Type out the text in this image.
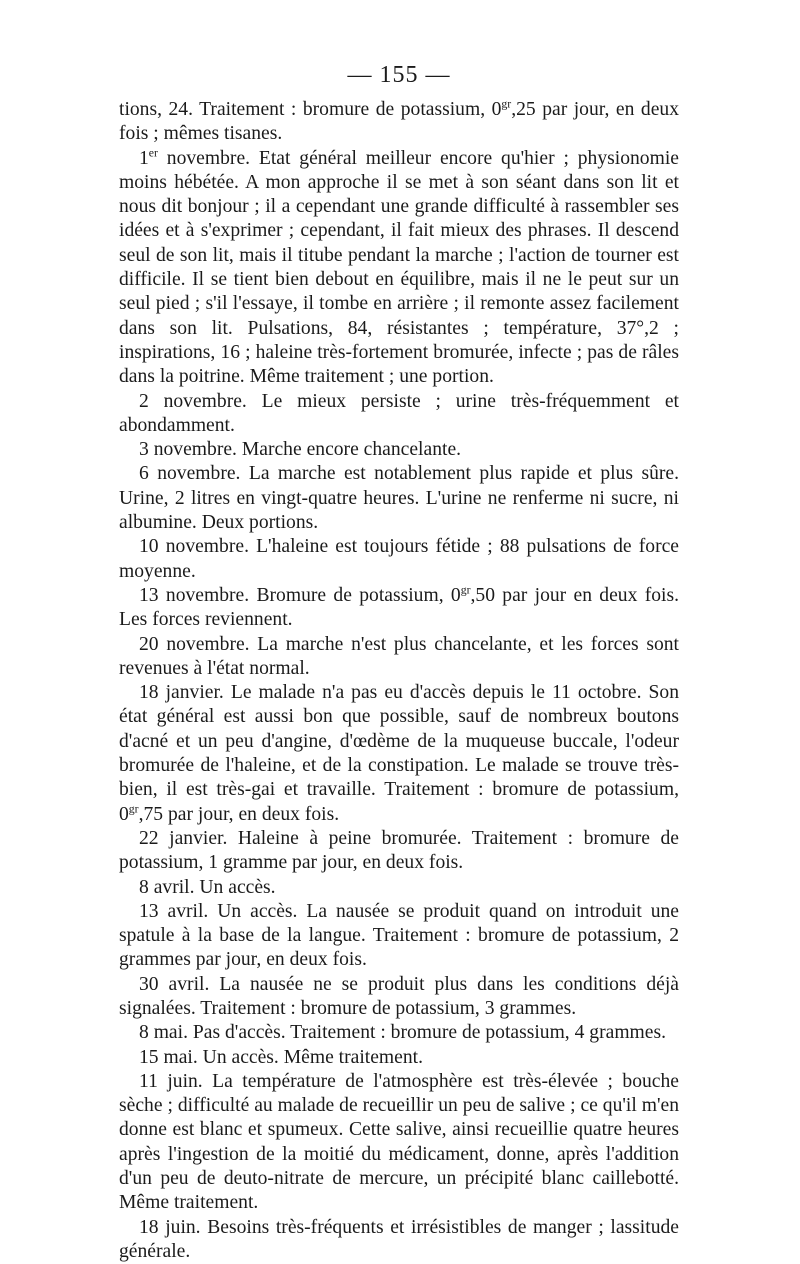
— 155 —

tions, 24. Traitement : bromure de potassium, $0^{gr},25$ par jour, en deux fois ; mêmes tisanes.

1er novembre. Etat général meilleur encore qu'hier ; physionomie moins hébétée. A mon approche il se met à son séant dans son lit et nous dit bonjour ; il a cependant une grande difficulté à rassembler ses idées et à s'exprimer ; cependant, il fait mieux des phrases. Il descend seul de son lit, mais il titube pendant la marche ; l'action de tourner est difficile. Il se tient bien debout en équilibre, mais il ne le peut sur un seul pied ; s'il l'essaye, il tombe en arrière ; il remonte assez facilement dans son lit. Pulsations, 84, résistantes ; température, 37°,2 ; inspirations, 16 ; haleine très-fortement bromurée, infecte ; pas de râles dans la poitrine. Même traitement ; une portion.

2 novembre. Le mieux persiste ; urine très-fréquemment et abondamment.

3 novembre. Marche encore chancelante.

6 novembre. La marche est notablement plus rapide et plus sûre. Urine, 2 litres en vingt-quatre heures. L'urine ne renferme ni sucre, ni albumine. Deux portions.

10 novembre. L'haleine est toujours fétide ; 88 pulsations de force moyenne.

13 novembre. Bromure de potassium, $0^{gr},50$ par jour en deux fois. Les forces reviennent.

20 novembre. La marche n'est plus chancelante, et les forces sont revenues à l'état normal.

18 janvier. Le malade n'a pas eu d'accès depuis le 11 octobre. Son état général est aussi bon que possible, sauf de nombreux boutons d'acné et un peu d'angine, d'œdème de la muqueuse buccale, l'odeur bromurée de l'haleine, et de la constipation. Le malade se trouve très-bien, il est très-gai et travaille. Traitement : bromure de potassium, $0^{gr},75$ par jour, en deux fois.

22 janvier. Haleine à peine bromurée. Traitement : bromure de potassium, 1 gramme par jour, en deux fois.

8 avril. Un accès.

13 avril. Un accès. La nausée se produit quand on introduit une spatule à la base de la langue. Traitement : bromure de potassium, 2 grammes par jour, en deux fois.

30 avril. La nausée ne se produit plus dans les conditions déjà signalées. Traitement : bromure de potassium, 3 grammes.

8 mai. Pas d'accès. Traitement : bromure de potassium, 4 grammes.

15 mai. Un accès. Même traitement.

11 juin. La température de l'atmosphère est très-élevée ; bouche sèche ; difficulté au malade de recueillir un peu de salive ; ce qu'il m'en donne est blanc et spumeux. Cette salive, ainsi recueillie quatre heures après l'ingestion de la moitié du médicament, donne, après l'addition d'un peu de deuto-nitrate de mercure, un précipité blanc caillebotté. Même traitement.

18 juin. Besoins très-fréquents et irrésistibles de manger ; lassitude générale.
